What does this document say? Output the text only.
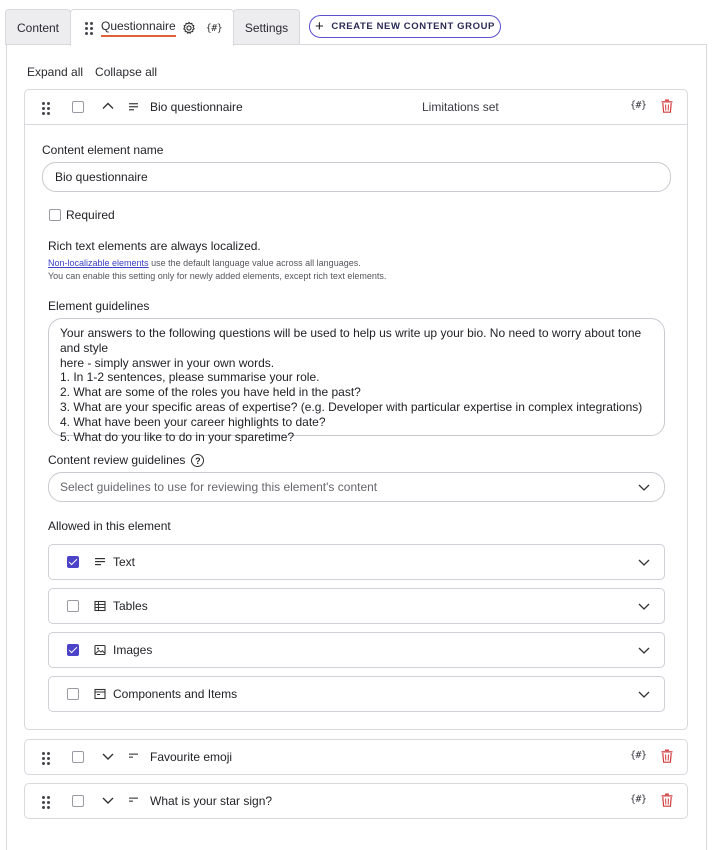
Content	Questionnaire	{#} Settings + CREATE NEW CONTENT GROUP
Expand all Collapse all
Bio questionnaire	Limitations set	{#}
Content element name
Bio questionnaire
Required
Rich text elements are always localized.
Non-localizable elements use the default language value across all languages.
You can enable this setting only for newly added elements, except rich text elements.
Element guidelines
Your answers to the following questions will be used to help us write up your bio. No need to worry about tone and style
here - simply answer in your own words.
1. In 1-2 sentences, please summarise your role.
2. What are some of the roles you have held in the past?
3. What are your specific areas of expertise? (e.g. Developer with particular expertise in complex integrations)
4. What have been your career highlights to date?
5. What do you like to do in your sparetime?
Content review guidelines ?
Select guidelines to use for reviewing this element's content
Allowed in this element
Text
Tables
Images
Components and Items
Favourite emoji	{#}
What is your star sign?	{#}
